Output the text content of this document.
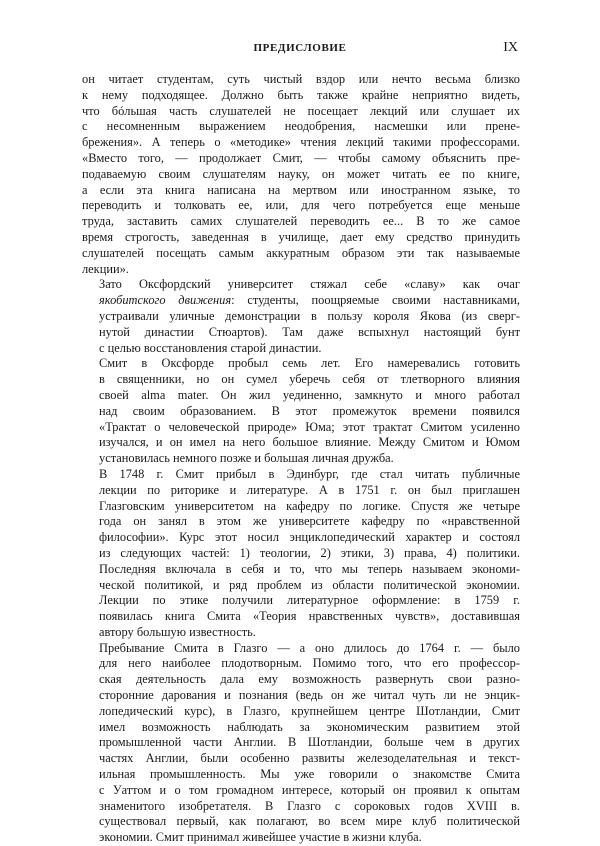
ПРЕДИСЛОВИЕ	IX

он читает студентам, суть чистый вздор или нечто весьма близко
к нему подходящее. Должно быть также крайне неприятно видеть,
что бóльшая часть слушателей не посещает лекций или слушает их
с несомненным выражением неодобрения, насмешки или прене-
брежения». А теперь о «методике» чтения лекций такими профессорами.
«Вместо того, — продолжает Смит, — чтобы самому объяснить пре-
подаваемую своим слушателям науку, он может читать ее по книге,
а если эта книга написана на мертвом или иностранном языке, то
переводить и толковать ее, или, для чего потребуется еще меньше
труда, заставить самих слушателей переводить ее... В то же самое
время строгость, заведенная в училище, дает ему средство принудить
слушателей посещать самым аккуратным образом эти так называемые
лекции».

Зато Оксфордский университет стяжал себе «славу» как очаг
якобитского движения: студенты, поощряемые своими наставниками,
устраивали уличные демонстрации в пользу короля Якова (из сверг-
нутой династии Стюартов). Там даже вспыхнул настоящий бунт
с целью восстановления старой династии.

Смит в Оксфорде пробыл семь лет. Его намеревались готовить
в священники, но он сумел уберечь себя от тлетворного влияния
своей alma mater. Он жил уединенно, замкнуто и много работал
над своим образованием. В этот промежуток времени появился
«Трактат о человеческой природе» Юма; этот трактат Смитом усиленно
изучался, и он имел на него большое влияние. Между Смитом и Юмом
установилась немного позже и большая личная дружба.

В 1748 г. Смит прибыл в Эдинбург, где стал читать публичные
лекции по риторике и литературе. А в 1751 г. он был приглашен
Глазговским университетом на кафедру по логике. Спустя же четыре
года он занял в этом же университете кафедру по «нравственной
философии». Курс этот носил энциклопедический характер и состоял
из следующих частей: 1) теологии, 2) этики, 3) права, 4) политики.
Последняя включала в себя и то, что мы теперь называем экономи-
ческой политикой, и ряд проблем из области политической экономии.
Лекции по этике получили литературное оформление: в 1759 г.
появилась книга Смита «Теория нравственных чувств», доставившая
автору большую известность.

Пребывание Смита в Глазго — а оно длилось до 1764 г. — было
для него наиболее плодотворным. Помимо того, что его профессор-
ская деятельность дала ему возможность развернуть свои разно-
сторонние дарования и познания (ведь он же читал чуть ли не энцик-
лопедический курс), в Глазго, крупнейшем центре Шотландии, Смит
имел возможность наблюдать за экономическим развитием этой
промышленной части Англии. В Шотландии, больше чем в других
частях Англии, были особенно развиты железоделательная и текст-
ильная промышленность. Мы уже говорили о знакомстве Смита
с Уаттом и о том громадном интересе, который он проявил к опытам
знаменитого изобретателя. В Глазго с сороковых годов XVIII в.
существовал первый, как полагают, во всем мире клуб политической
экономии. Смит принимал живейшее участие в жизни клуба.
